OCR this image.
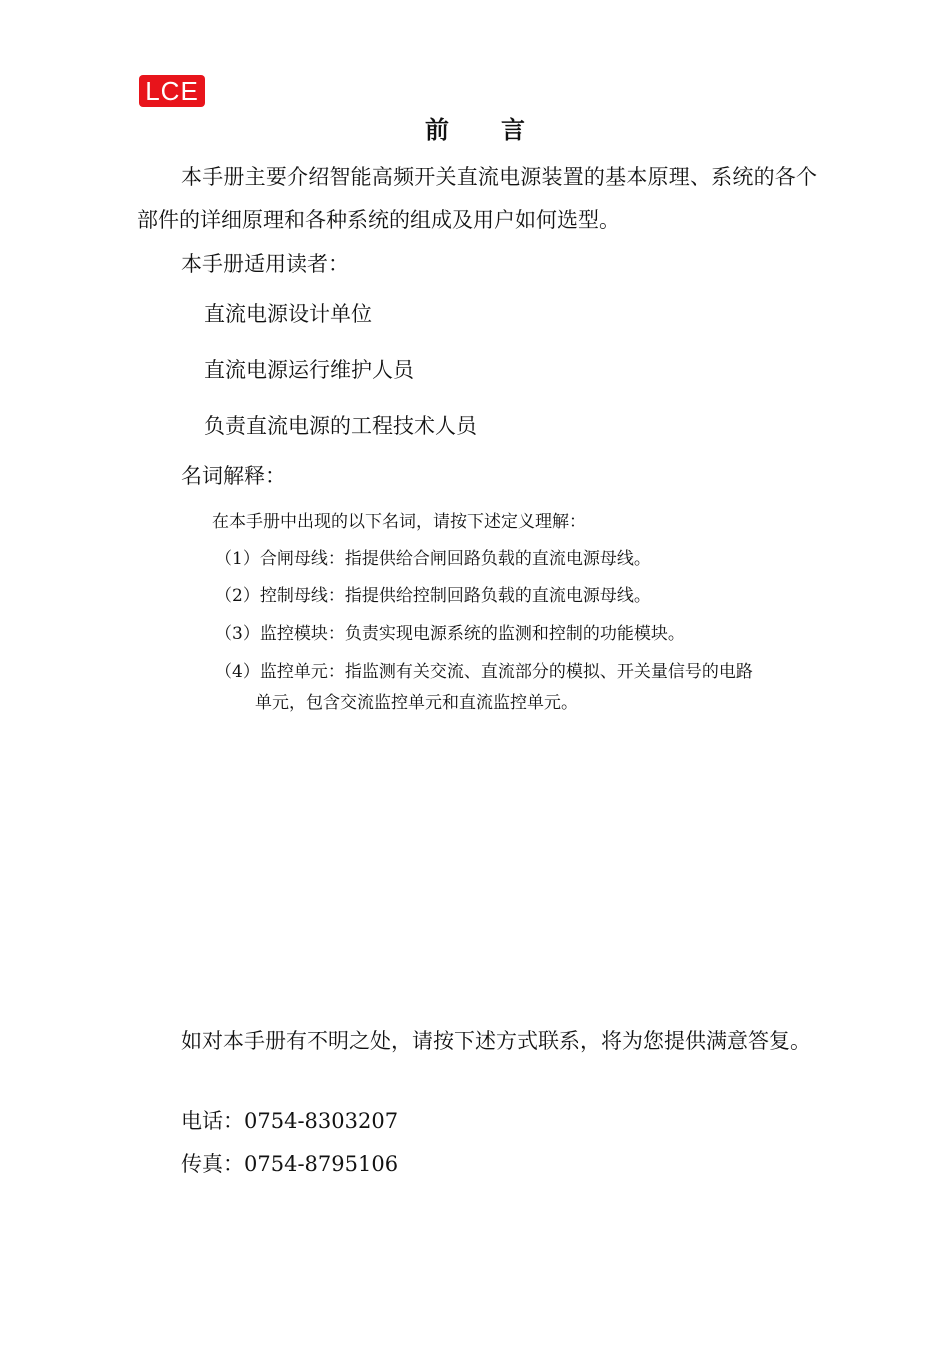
LCE
前言
本手册主要介绍智能高频开关直流电源装置的基本原理、系统的各个部件的详细原理和各种系统的组成及用户如何选型。
本手册适用读者：
直流电源设计单位
直流电源运行维护人员
负责直流电源的工程技术人员
名词解释：
在本手册中出现的以下名词，请按下述定义理解：
（1）合闸母线：指提供给合闸回路负载的直流电源母线。
（2）控制母线：指提供给控制回路负载的直流电源母线。
（3）监控模块：负责实现电源系统的监测和控制的功能模块。
（4）监控单元：指监测有关交流、直流部分的模拟、开关量信号的电路
单元，包含交流监控单元和直流监控单元。
如对本手册有不明之处，请按下述方式联系，将为您提供满意答复。
电话：0754-8303207
传真：0754-8795106
